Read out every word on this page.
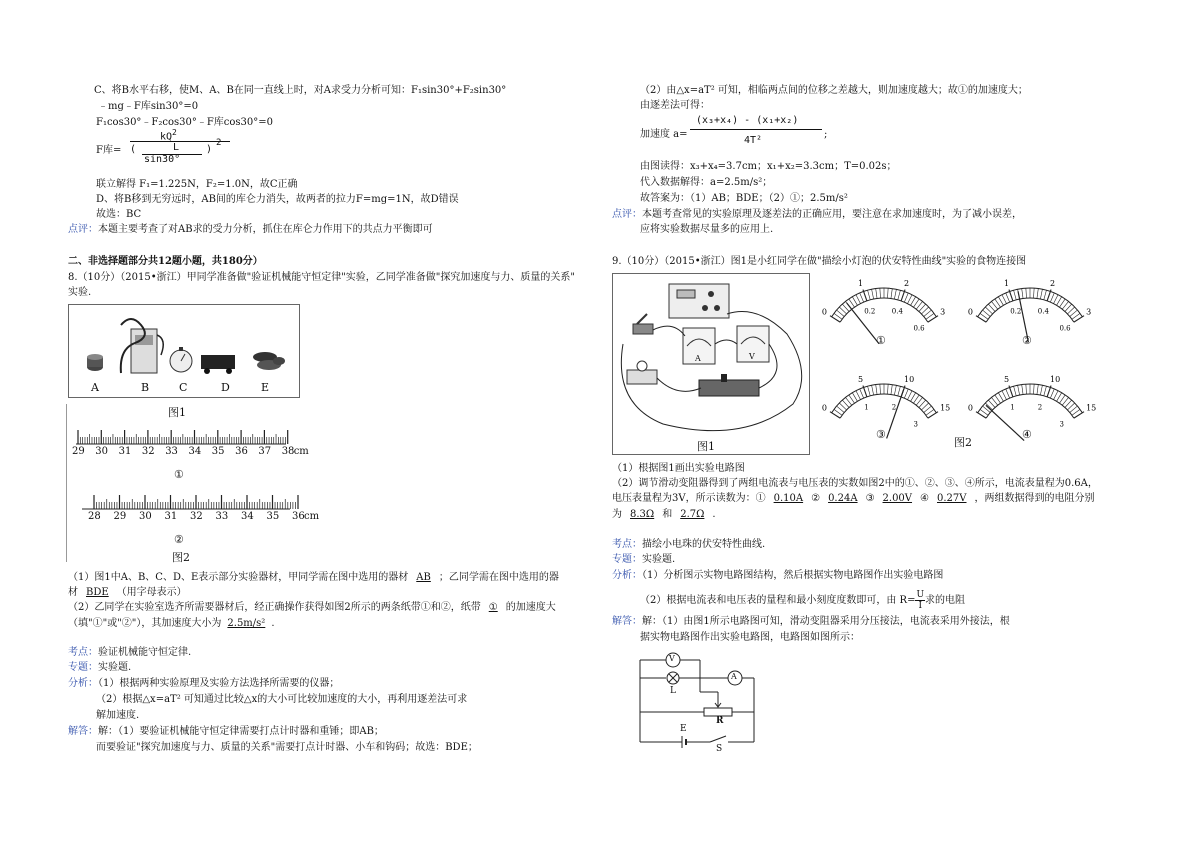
C、将B水平右移，使M、A、B在同一直线上时，对A求受力分析可知：F₁sin30°+F₂sin30°
﹣mg﹣F库sin30°=0
F₁cos30°﹣F₂cos30°﹣F库cos30°=0
F库=
$kQ^2$
(	L
sin30°
)
2
联立解得 F₁=1.225N，F₂=1.0N，故C正确
D、将B移到无穷远时，AB间的库仑力消失，故两者的拉力F=mg=1N，故D错误
故选：BC
点评：本题主要考查了对AB求的受力分析，抓住在库仑力作用下的共点力平衡即可
二、非选择题部分共12题小题，共180分）
8.（10分）（2015•浙江）甲同学准备做"验证机械能守恒定律"实验，乙同学准备做"探究加速度与力、质量的关系"
实验.
A	B	C	D	E
图1
29 30 31 32 33 34 35 36 37 38 cm
①
28 29 30 31 32 33 34 35 36 cm
②
图2
（1）图1中A、B、C、D、E表示部分实验器材，甲同学需在图中选用的器材 AB ；乙同学需在图中选用的器
材 BDE （用字母表示）
（2）乙同学在实验室选齐所需要器材后，经正确操作获得如图2所示的两条纸带①和②，纸带 ① 的加速度大
（填"①"或"②"），其加速度大小为 2.5m/s² .
考点：验证机械能守恒定律.
专题：实验题.
分析：（1）根据两种实验原理及实验方法选择所需要的仪器；
（2）根据△x=aT² 可知通过比较△x的大小可比较加速度的大小，再利用逐差法可求
解加速度.
解答：解：（1）要验证机械能守恒定律需要打点计时器和重锤；即AB；
而要验证"探究加速度与力、质量的关系"需要打点计时器、小车和钩码；故选：BDE；
（2）由△x=aT² 可知，相临两点间的位移之差越大，则加速度越大；故①的加速度大；
由逐差法可得：
加速度 a=
(x₃+x₄) - (x₁+x₂)
4T²
;
由图读得：x₃+x₄=3.7cm；x₁+x₂=3.3cm；T=0.02s；
代入数据解得：a=2.5m/s²；
故答案为：（1）AB；BDE；（2）①；2.5m/s²
点评：本题考查常见的实验原理及逐差法的正确应用，要注意在求加速度时，为了减小误差，
应将实验数据尽量多的应用上.
9.（10分）（2015•浙江）图1是小红同学在做"描绘小灯泡的伏安特性曲线"实验的食物连接图
A	V
图1
0
1	2
3
0.2 0.4
0.6
0
1	2
3
0.2 0.4
0.6
0
5	10
15
1	2
3
0
5	10
15
1	2
3
①	②
③	④
图2
（1）根据图1画出实验电路图
（2）调节滑动变阻器得到了两组电流表与电压表的实数如图2中的①、②、③、④所示，电流表量程为0.6A，
电压表量程为3V，所示读数为：① 0.10A ② 0.24A ③ 2.00V ④ 0.27V ，两组数据得到的电阻分别
为 8.3Ω 和 2.7Ω .
考点：描绘小电珠的伏安特性曲线.
专题：实验题.
分析：（1）分析图示实物电路图结构，然后根据实物电路图作出实验电路图
（2）根据电流表和电压表的量程和最小刻度度数即可，由 $R= \frac{U}{I}$ 求的电阻
解答：解：（1）由图1所示电路图可知，滑动变阻器采用分压接法，电流表采用外接法，根
据实物电路图作出实验电路图，电路图如图所示：
V
L
A
R
E
S
